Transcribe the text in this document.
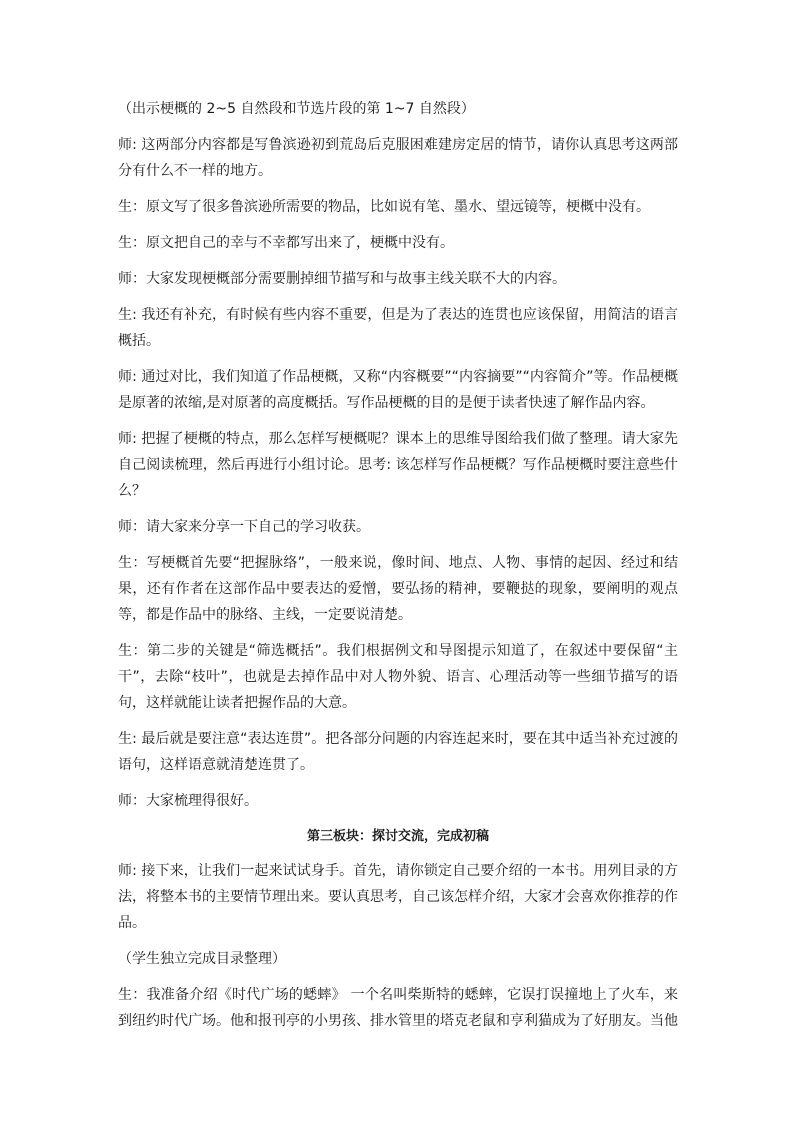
（出示梗概的 2~5 自然段和节选片段的第 1~7 自然段）

师: 这两部分内容都是写鲁滨逊初到荒岛后克服困难建房定居的情节，请你认真思考这两部分有什么不一样的地方。

生：原文写了很多鲁滨逊所需要的物品，比如说有笔、墨水、望远镜等，梗概中没有。

生：原文把自己的幸与不幸都写出来了，梗概中没有。

师：大家发现梗概部分需要删掉细节描写和与故事主线关联不大的内容。

生: 我还有补充，有时候有些内容不重要，但是为了表达的连贯也应该保留，用简洁的语言概括。

师: 通过对比，我们知道了作品梗概，又称“内容概要”“内容摘要”“内容简介”等。作品梗概是原著的浓缩,是对原著的高度概括。写作品梗概的目的是便于读者快速了解作品内容。

师: 把握了梗概的特点，那么怎样写梗概呢？课本上的思维导图给我们做了整理。请大家先自己阅读梳理，然后再进行小组讨论。思考: 该怎样写作品梗概？写作品梗概时要注意些什么？

师：请大家来分享一下自己的学习收获。

生：写梗概首先要“把握脉络”，一般来说，像时间、地点、人物、事情的起因、经过和结果，还有作者在这部作品中要表达的爱憎，要弘扬的精神，要鞭挞的现象，要阐明的观点等，都是作品中的脉络、主线，一定要说清楚。

生：第二步的关键是“筛选概括”。我们根据例文和导图提示知道了，在叙述中要保留“主干”，去除“枝叶”，也就是去掉作品中对人物外貌、语言、心理活动等一些细节描写的语句，这样就能让读者把握作品的大意。

生: 最后就是要注意“表达连贯”。把各部分问题的内容连起来时，要在其中适当补充过渡的语句，这样语意就清楚连贯了。

师：大家梳理得很好。

第三板块：探讨交流，完成初稿

师: 接下来，让我们一起来试试身手。首先，请你锁定自己要介绍的一本书。用列目录的方法，将整本书的主要情节理出来。要认真思考，自己该怎样介绍，大家才会喜欢你推荐的作品。

（学生独立完成目录整理）

生：我准备介绍《时代广场的蟋蟀》 一个名叫柴斯特的蟋蟀，它误打误撞地上了火车，来到纽约时代广场。他和报刊亭的小男孩、排水管里的塔克老鼠和亨利猫成为了好朋友。当他
